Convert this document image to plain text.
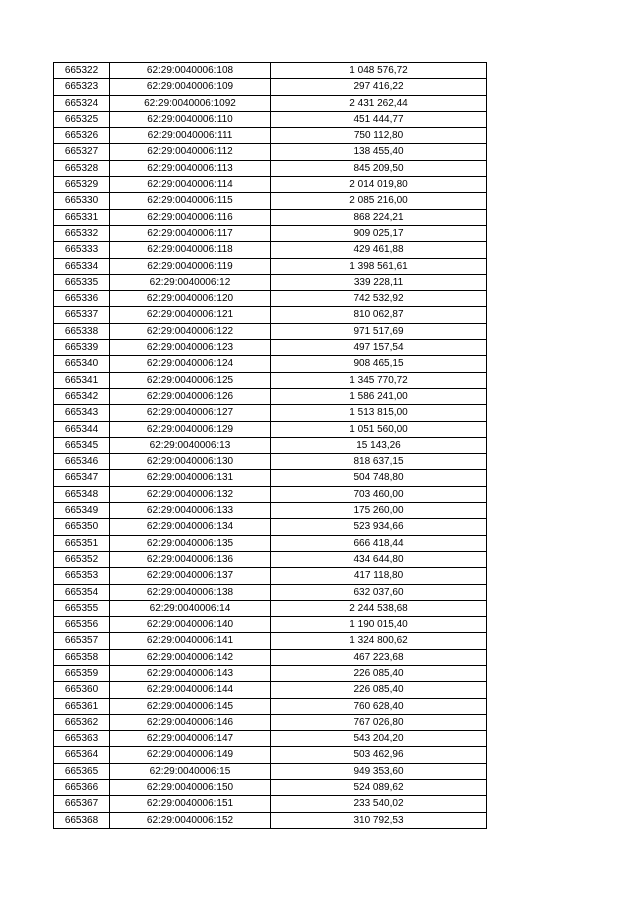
665322	62:29:0040006:108	1 048 576,72
665323	62:29:0040006:109	297 416,22
665324	62:29:0040006:1092	2 431 262,44
665325	62:29:0040006:110	451 444,77
665326	62:29:0040006:111	750 112,80
665327	62:29:0040006:112	138 455,40
665328	62:29:0040006:113	845 209,50
665329	62:29:0040006:114	2 014 019,80
665330	62:29:0040006:115	2 085 216,00
665331	62:29:0040006:116	868 224,21
665332	62:29:0040006:117	909 025,17
665333	62:29:0040006:118	429 461,88
665334	62:29:0040006:119	1 398 561,61
665335	62:29:0040006:12	339 228,11
665336	62:29:0040006:120	742 532,92
665337	62:29:0040006:121	810 062,87
665338	62:29:0040006:122	971 517,69
665339	62:29:0040006:123	497 157,54
665340	62:29:0040006:124	908 465,15
665341	62:29:0040006:125	1 345 770,72
665342	62:29:0040006:126	1 586 241,00
665343	62:29:0040006:127	1 513 815,00
665344	62:29:0040006:129	1 051 560,00
665345	62:29:0040006:13	15 143,26
665346	62:29:0040006:130	818 637,15
665347	62:29:0040006:131	504 748,80
665348	62:29:0040006:132	703 460,00
665349	62:29:0040006:133	175 260,00
665350	62:29:0040006:134	523 934,66
665351	62:29:0040006:135	666 418,44
665352	62:29:0040006:136	434 644,80
665353	62:29:0040006:137	417 118,80
665354	62:29:0040006:138	632 037,60
665355	62:29:0040006:14	2 244 538,68
665356	62:29:0040006:140	1 190 015,40
665357	62:29:0040006:141	1 324 800,62
665358	62:29:0040006:142	467 223,68
665359	62:29:0040006:143	226 085,40
665360	62:29:0040006:144	226 085,40
665361	62:29:0040006:145	760 628,40
665362	62:29:0040006:146	767 026,80
665363	62:29:0040006:147	543 204,20
665364	62:29:0040006:149	503 462,96
665365	62:29:0040006:15	949 353,60
665366	62:29:0040006:150	524 089,62
665367	62:29:0040006:151	233 540,02
665368	62:29:0040006:152	310 792,53
